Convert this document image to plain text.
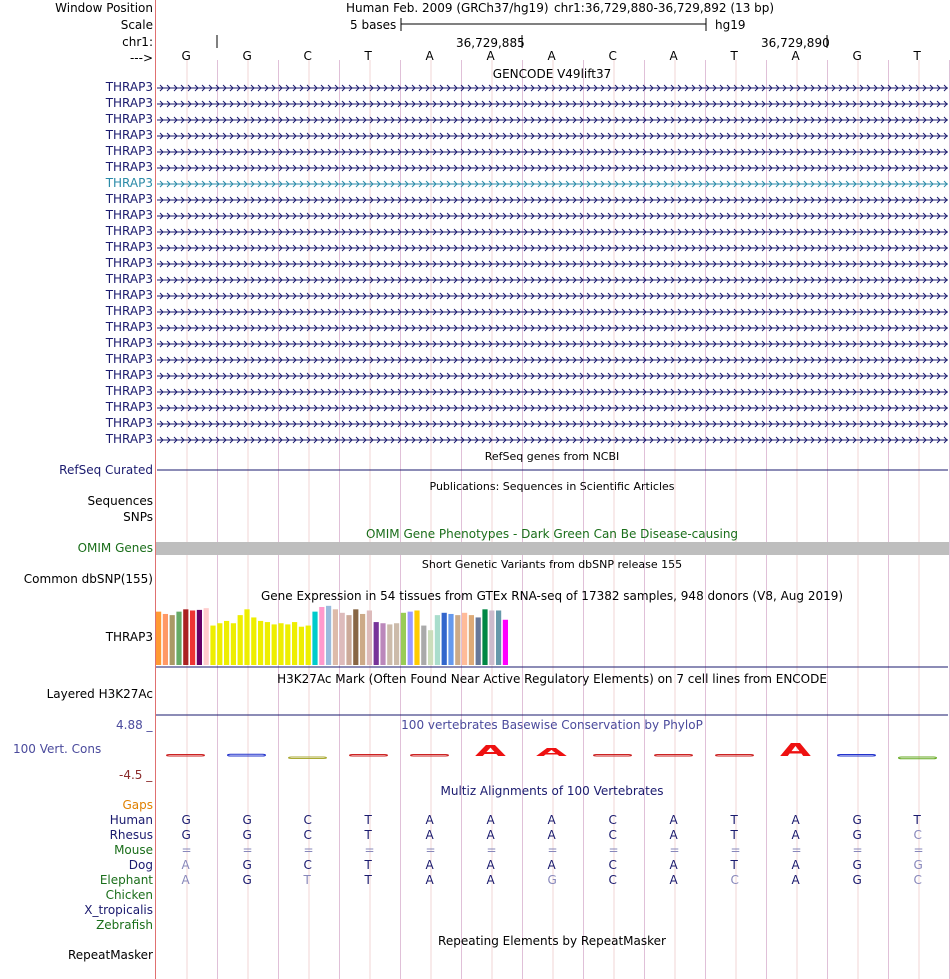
Window Position
Scale
chr1:
--->
Human Feb. 2009 (GRCh37/hg19) chr1:36,729,880-36,729,892 (13 bp)
5 bases	hg19
36,729,885	36,729,890
G	G	C	T	A	A	A	C	A	T	A	G	T
GENCODE V49lift37
THRAP3
THRAP3
THRAP3
THRAP3
THRAP3
THRAP3
THRAP3
THRAP3
THRAP3
THRAP3
THRAP3
THRAP3
THRAP3
THRAP3
THRAP3
THRAP3
THRAP3
THRAP3
THRAP3
THRAP3
THRAP3
THRAP3
THRAP3
RefSeq genes from NCBI
RefSeq Curated
Publications: Sequences in Scientific Articles
Sequences
SNPs
OMIM Gene Phenotypes - Dark Green Can Be Disease-causing
OMIM Genes
Short Genetic Variants from dbSNP release 155
Common dbSNP(155)
Gene Expression in 54 tissues from GTEx RNA-seq of 17382 samples, 948 donors (V8, Aug 2019)
THRAP3
H3K27Ac Mark (Often Found Near Active Regulatory Elements) on 7 cell lines from ENCODE
Layered H3K27Ac
100 vertebrates Basewise Conservation by PhyloP
4.88 _
100 Vert. Cons
-4.5 _
A A	A
Multiz Alignments of 100 Vertebrates
Gaps
Human G	G	C	T	A	A	A	C	A	T	A	G	T
Rhesus G	G	C	T	A	A	A	C	A	T	A	G	C
Mouse =	=	=	=	=	=	=	=	=	=	=	=	=
Dog A	G	C	T	A	A	A	C	A	T	A	G	G
Elephant A	G	T	T	A	A	G	C	A	C	A	G	C
Chicken
X_tropicalis
Zebrafish
Repeating Elements by RepeatMasker
RepeatMasker
